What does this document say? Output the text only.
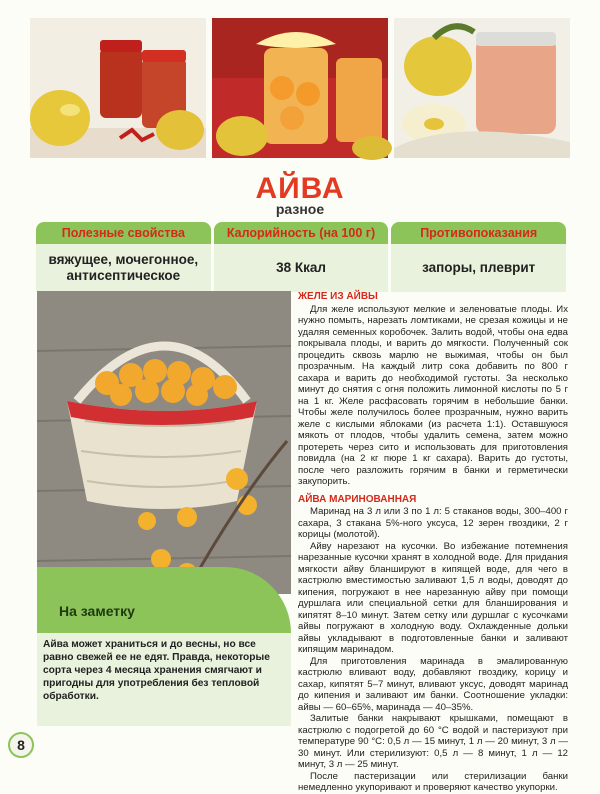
АЙВА
разное
Полезные свойства
вяжущее, мочегонное, антисептическое
Калорийность (на 100 г)
38 Ккал
Противопоказания
запоры, плеврит
На заметку
Айва может храниться и до весны, но все равно свежей ее не едят. Правда, некоторые сорта через 4 месяца хранения смягчают и пригодны для употребления без тепловой обработки.
8
ЖЕЛЕ ИЗ АЙВЫ

Для желе используют мелкие и зеленоватые плоды. Их нужно помыть, нарезать ломтиками, не срезая кожицы и не удаляя семенных коробочек. Залить водой, чтобы она едва покрывала плоды, и варить до мягкости. Полученный сок процедить сквозь марлю не выжимая, чтобы он был прозрачным. На каждый литр сока добавить по 800 г сахара и варить до необходимой густоты. За несколько минут до снятия с огня положить лимонной кислоты по 5 г на 1 кг. Желе расфасовать горячим в небольшие банки. Чтобы желе получилось более прозрачным, нужно варить желе с кислыми яблоками (из расчета 1:1). Оставшуюся мякоть от плодов, чтобы удалить семена, затем можно протереть через сито и использовать для приготовления повидла (на 2 кг пюре 1 кг сахара). Варить до густоты, после чего разложить горячим в банки и герметически закупорить.

АЙВА МАРИНОВАННАЯ

Маринад на 3 л или 3 по 1 л: 5 стаканов воды, 300–400 г сахара, 3 стакана 5%-ного уксуса, 12 зерен гвоздики, 2 г корицы (молотой).

Айву нарезают на кусочки. Во избежание потемнения нарезанные кусочки хранят в холодной воде. Для придания мягкости айву бланшируют в кипящей воде, для чего в кастрюлю вместимостью заливают 1,5 л воды, доводят до кипения, погружают в нее нарезанную айву при помощи дуршлага или специальной сетки для бланширования и кипятят 8–10 минут. Затем сетку или дуршлаг с кусочками айвы погружают в холодную воду. Охлажденные дольки айвы укладывают в подготовленные банки и заливают кипящим маринадом.

Для приготовления маринада в эмалированную кастрюлю вливают воду, добавляют гвоздику, корицу и сахар, кипятят 5–7 минут, вливают уксус, доводят маринад до кипения и заливают им банки. Соотношение укладки: айвы — 60–65%, маринада — 40–35%.

Залитые банки накрывают крышками, помещают в кастрюлю с подогретой до 60 °С водой и пастеризуют при температуре 90 °С: 0,5 л — 15 минут, 1 л — 20 минут, 3 л — 30 минут. Или стерилизуют: 0,5 л — 8 минут, 1 л — 12 минут, 3 л — 25 минут.

После пастеризации или стерилизации банки немедленно укупоривают и проверяют качество укупорки.
